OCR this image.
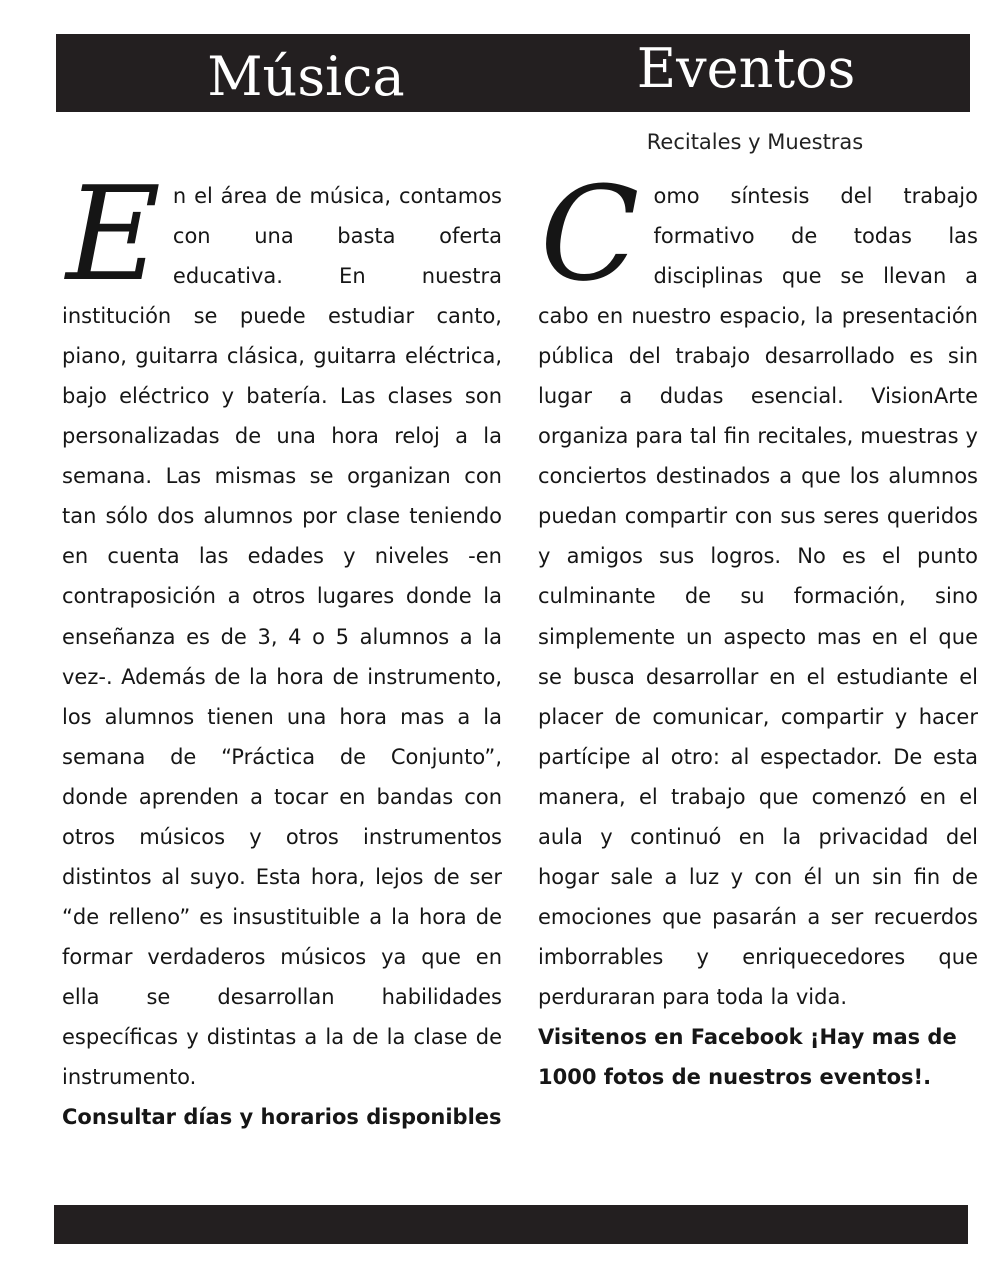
Música	Eventos
Recitales y Muestras
E n el área de música, contamos con una basta oferta educativa. En nuestra institución se puede estudiar canto, piano, guitarra clásica, guitarra eléctrica, bajo eléctrico y batería. Las clases son personalizadas de una hora reloj a la semana. Las mismas se organizan con tan sólo dos alumnos por clase teniendo en cuenta las edades y niveles -en contraposición a otros lugares donde la enseñanza es de 3, 4 o 5 alumnos a la vez-. Además de la hora de instrumento, los alumnos tienen una hora mas a la semana de “Práctica de Conjunto”, donde aprenden a tocar en bandas con otros músicos y otros instrumentos distintos al suyo. Esta hora, lejos de ser “de relleno” es insustituible a la hora de formar verdaderos músicos ya que en ella se desarrollan habilidades específicas y distintas a la de la clase de instrumento.
Consultar días y horarios disponibles
C omo síntesis del trabajo formativo de todas las disciplinas que se llevan a cabo en nuestro espacio, la presentación pública del trabajo desarrollado es sin lugar a dudas esencial. VisionArte organiza para tal fin recitales, muestras y conciertos destinados a que los alumnos puedan compartir con sus seres queridos y amigos sus logros. No es el punto culminante de su formación, sino simplemente un aspecto mas en el que se busca desarrollar en el estudiante el placer de comunicar, compartir y hacer partícipe al otro: al espectador. De esta manera, el trabajo que comenzó en el aula y continuó en la privacidad del hogar sale a luz y con él un sin fin de emociones que pasarán a ser recuerdos imborrables y enriquecedores que perduraran para toda la vida.
Visitenos en Facebook ¡Hay mas de 1000 fotos de nuestros eventos!.
